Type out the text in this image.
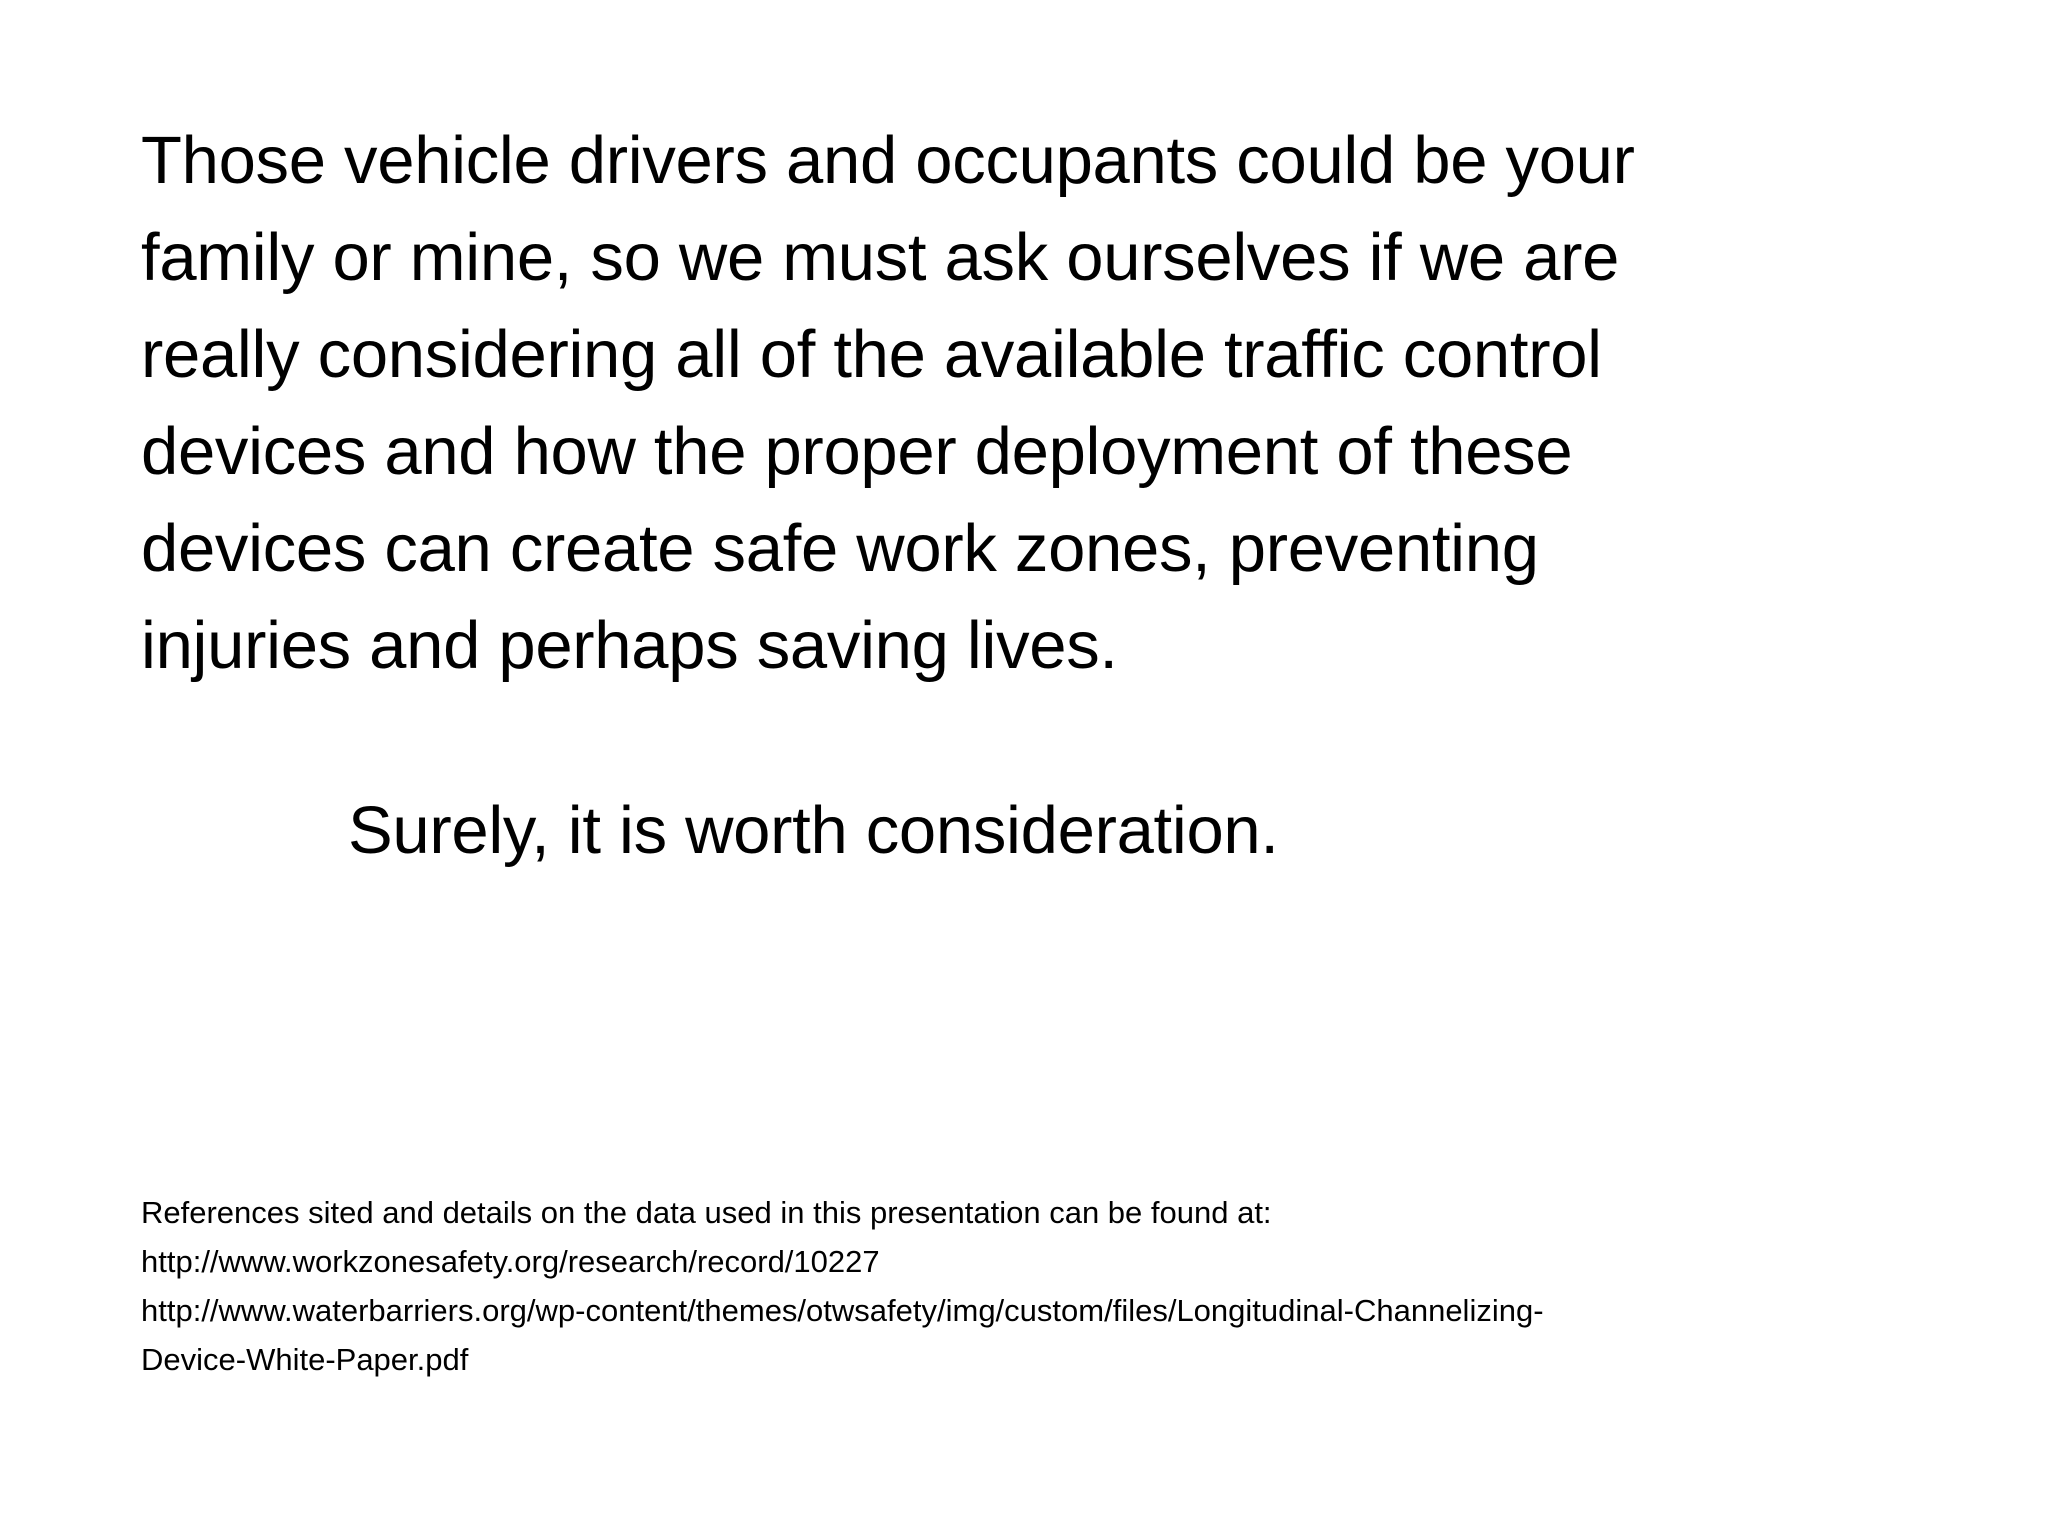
Those vehicle drivers and occupants could be your
family or mine, so we must ask ourselves if we are
really considering all of the available traffic control
devices and how the proper deployment of these
devices can create safe work zones, preventing
injuries and perhaps saving lives.

Surely, it is worth consideration.

References sited and details on the data used in this presentation can be found at:
http://www.workzonesafety.org/research/record/10227
http://www.waterbarriers.org/wp-content/themes/otwsafety/img/custom/files/Longitudinal-Channelizing-
Device-White-Paper.pdf
